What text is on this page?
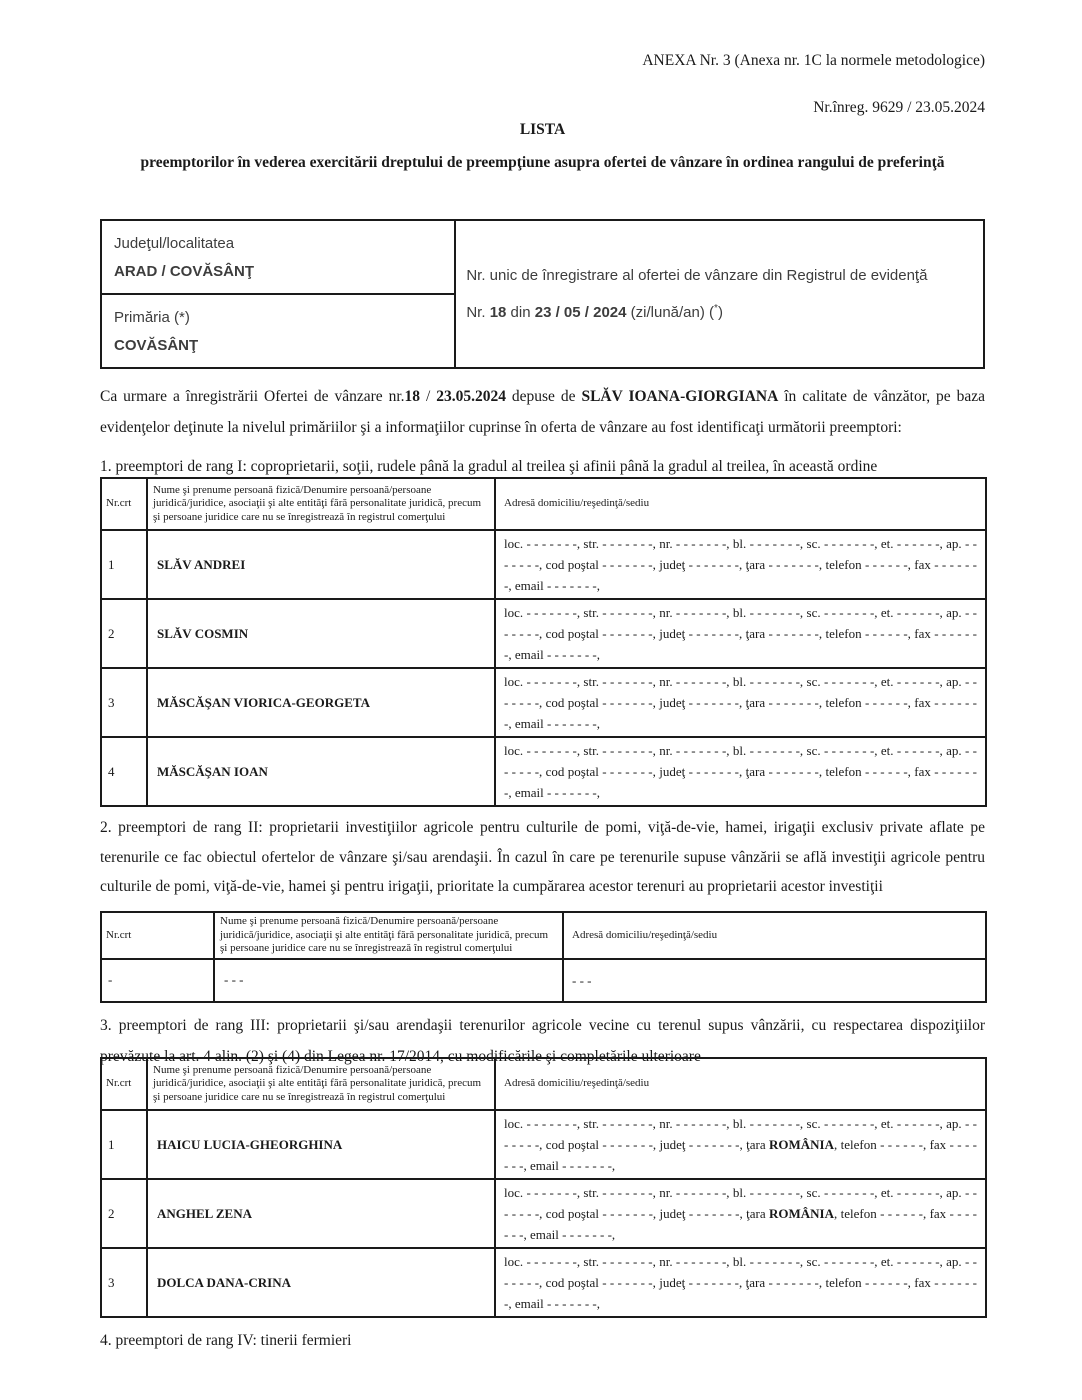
ANEXA Nr. 3 (Anexa nr. 1C la normele metodologice)
Nr.înreg. 9629 / 23.05.2024
LISTA
preemptorilor în vederea exercitării dreptului de preempţiune asupra ofertei de vânzare în ordinea rangului de preferinţă
Judeţul/localitatea
ARAD / COVĂSÂNŢ	Nr. unic de înregistrare al ofertei de vânzare din Registrul de evidenţă
Nr. 18 din 23 / 05 / 2024 (zi/lună/an) (*)

Primăria (*)
COVĂSÂNŢ
Ca urmare a înregistrării Ofertei de vânzare nr.18 / 23.05.2024 depuse de SLĂV IOANA-GIORGIANA în calitate de vânzător, pe baza evidenţelor deţinute la nivelul primăriilor şi a informaţiilor cuprinse în oferta de vânzare au fost identificaţi următorii preemptori:
1. preemptori de rang I: coproprietarii, soţii, rudele până la gradul al treilea şi afinii până la gradul al treilea, în această ordine
Nr.crt	Nume şi prenume persoană fizică/Denumire persoană/persoane juridică/juridice, asociaţii şi alte entităţi fără personalitate juridică, precum şi persoane juridice care nu se înregistrează în registrul comerţului	Adresă domiciliu/reşedinţă/sediu
1	SLĂV ANDREI	loc. - - - - - - -, str. - - - - - - -, nr. - - - - - - -, bl. - - - - - - -, sc. - - - - - - -, et. - - - - - -, ap. - - - - - - -, cod poştal - - - - - - -, judeţ - - - - - - -, ţara - - - - - - -, telefon - - - - - -, fax - - - - - - -, email - - - - - - -,
2	SLĂV COSMIN	loc. - - - - - - -, str. - - - - - - -, nr. - - - - - - -, bl. - - - - - - -, sc. - - - - - - -, et. - - - - - -, ap. - - - - - - -, cod poştal - - - - - - -, judeţ - - - - - - -, ţara - - - - - - -, telefon - - - - - -, fax - - - - - - -, email - - - - - - -,
3	MĂSCĂŞAN VIORICA-GEORGETA	loc. - - - - - - -, str. - - - - - - -, nr. - - - - - - -, bl. - - - - - - -, sc. - - - - - - -, et. - - - - - -, ap. - - - - - - -, cod poştal - - - - - - -, judeţ - - - - - - -, ţara - - - - - - -, telefon - - - - - -, fax - - - - - - -, email - - - - - - -,
4	MĂSCĂŞAN IOAN	loc. - - - - - - -, str. - - - - - - -, nr. - - - - - - -, bl. - - - - - - -, sc. - - - - - - -, et. - - - - - -, ap. - - - - - - -, cod poştal - - - - - - -, judeţ - - - - - - -, ţara - - - - - - -, telefon - - - - - -, fax - - - - - - -, email - - - - - - -,
2. preemptori de rang II: proprietarii investiţiilor agricole pentru culturile de pomi, viţă-de-vie, hamei, irigaţii exclusiv private aflate pe terenurile ce fac obiectul ofertelor de vânzare şi/sau arendaşii. În cazul în care pe terenurile supuse vânzării se află investiţii agricole pentru culturile de pomi, viţă-de-vie, hamei şi pentru irigaţii, prioritate la cumpărarea acestor terenuri au proprietarii acestor investiţii
Nr.crt	Nume şi prenume persoană fizică/Denumire persoană/persoane juridică/juridice, asociaţii şi alte entităţi fără personalitate juridică, precum şi persoane juridice care nu se înregistrează în registrul comerţului	Adresă domiciliu/reşedinţă/sediu
-	- - -	- - -
3. preemptori de rang III: proprietarii şi/sau arendaşii terenurilor agricole vecine cu terenul supus vânzării, cu respectarea dispoziţiilor prevăzute la art. 4 alin. (2) şi (4) din Legea nr. 17/2014, cu modificările şi completările ulterioare
Nr.crt	Nume şi prenume persoană fizică/Denumire persoană/persoane juridică/juridice, asociaţii şi alte entităţi fără personalitate juridică, precum şi persoane juridice care nu se înregistrează în registrul comerţului	Adresă domiciliu/reşedinţă/sediu
1	HAICU LUCIA-GHEORGHINA	loc. - - - - - - -, str. - - - - - - -, nr. - - - - - - -, bl. - - - - - - -, sc. - - - - - - -, et. - - - - - -, ap. - - - - - - -, cod poştal - - - - - - -, judeţ - - - - - - -, ţara ROMÂNIA, telefon - - - - - -, fax - - - - - - -, email - - - - - - -,
2	ANGHEL ZENA	loc. - - - - - - -, str. - - - - - - -, nr. - - - - - - -, bl. - - - - - - -, sc. - - - - - - -, et. - - - - - -, ap. - - - - - - -, cod poştal - - - - - - -, judeţ - - - - - - -, ţara ROMÂNIA, telefon - - - - - -, fax - - - - - - -, email - - - - - - -,
3	DOLCA DANA-CRINA	loc. - - - - - - -, str. - - - - - - -, nr. - - - - - - -, bl. - - - - - - -, sc. - - - - - - -, et. - - - - - -, ap. - - - - - - -, cod poştal - - - - - - -, judeţ - - - - - - -, ţara - - - - - - -, telefon - - - - - -, fax - - - - - - -, email - - - - - - -,
4. preemptori de rang IV: tinerii fermieri
